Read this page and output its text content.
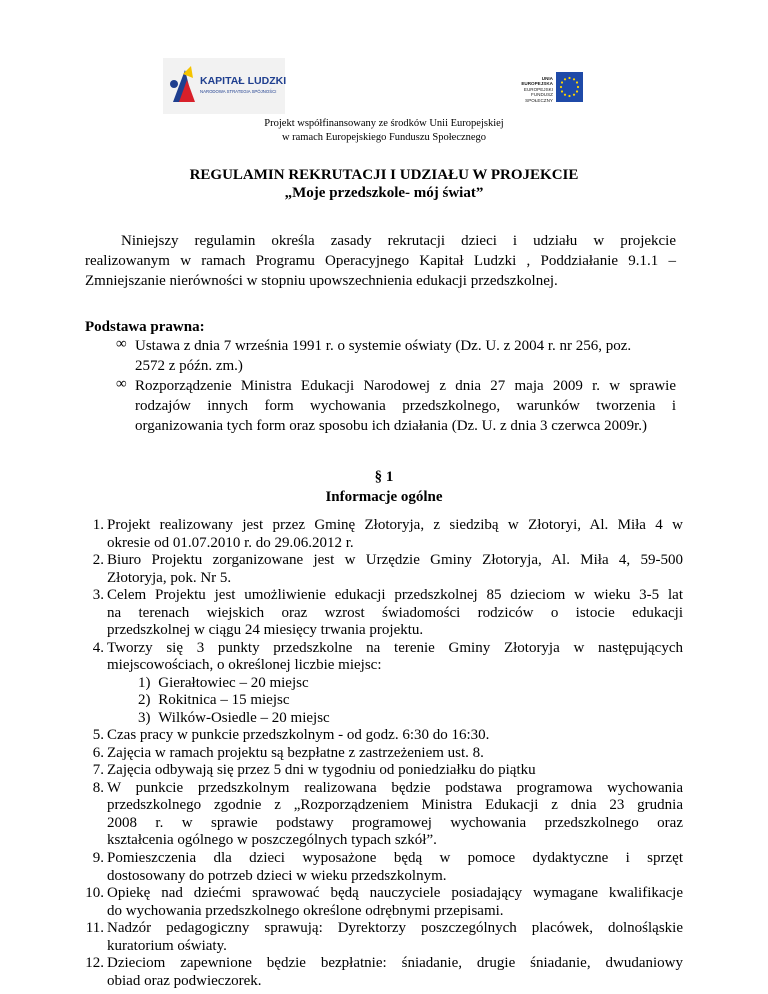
KAPITAŁ LUDZKI
NARODOWA STRATEGIA SPÓJNOŚCI
UNIA EUROPEJSKA
EUROPEJSKI
FUNDUSZ SPOŁECZNY
Projekt współfinansowany ze środków Unii Europejskiej
w ramach Europejskiego Funduszu Społecznego
REGULAMIN REKRUTACJI I UDZIAŁU W PROJEKCIE
„Moje przedszkole- mój świat”
Niniejszy regulamin określa zasady rekrutacji dzieci i udziału w projekcie
realizowanym w ramach Programu Operacyjnego Kapitał Ludzki , Poddziałanie 9.1.1 –
Zmniejszanie nierówności w stopniu upowszechnienia edukacji przedszkolnej.
Podstawa prawna:
∞ Ustawa z dnia 7 września 1991 r. o systemie oświaty (Dz. U. z 2004 r. nr 256, poz.
2572 z późn. zm.)
∞ Rozporządzenie Ministra Edukacji Narodowej z dnia 27 maja 2009 r. w sprawie
rodzajów innych form wychowania przedszkolnego, warunków tworzenia i
organizowania tych form oraz sposobu ich działania (Dz. U. z dnia 3 czerwca 2009r.)
§ 1
Informacje ogólne
1. Projekt realizowany jest przez Gminę Złotoryja, z siedzibą w Złotoryi, Al. Miła 4 w
okresie od 01.07.2010 r. do 29.06.2012 r.
2. Biuro Projektu zorganizowane jest w Urzędzie Gminy Złotoryja, Al. Miła 4, 59-500
Złotoryja, pok. Nr 5.
3. Celem Projektu jest umożliwienie edukacji przedszkolnej 85 dzieciom w wieku 3-5 lat
na terenach wiejskich oraz wzrost świadomości rodziców o istocie edukacji
przedszkolnej w ciągu 24 miesięcy trwania projektu.
4. Tworzy się 3 punkty przedszkolne na terenie Gminy Złotoryja w następujących
miejscowościach, o określonej liczbie miejsc:
5. Czas pracy w punkcie przedszkolnym - od godz. 6:30 do 16:30.
6. Zajęcia w ramach projektu są bezpłatne z zastrzeżeniem ust. 8.
7. Zajęcia odbywają się przez 5 dni w tygodniu od poniedziałku do piątku
8. W punkcie przedszkolnym realizowana będzie podstawa programowa wychowania
przedszkolnego zgodnie z „Rozporządzeniem Ministra Edukacji z dnia 23 grudnia
2008 r. w sprawie podstawy programowej wychowania przedszkolnego oraz
kształcenia ogólnego w poszczególnych typach szkół”.
9. Pomieszczenia dla dzieci wyposażone będą w pomoce dydaktyczne i sprzęt
dostosowany do potrzeb dzieci w wieku przedszkolnym.
10. Opiekę nad dziećmi sprawować będą nauczyciele posiadający wymagane kwalifikacje
do wychowania przedszkolnego określone odrębnymi przepisami.
11. Nadzór pedagogiczny sprawują: Dyrektorzy poszczególnych placówek, dolnośląskie
kuratorium oświaty.
12. Dzieciom zapewnione będzie bezpłatnie: śniadanie, drugie śniadanie, dwudaniowy
obiad oraz podwieczorek.
1) Gierałtowiec – 20 miejsc
2) Rokitnica – 15 miejsc
3) Wilków-Osiedle – 20 miejsc
